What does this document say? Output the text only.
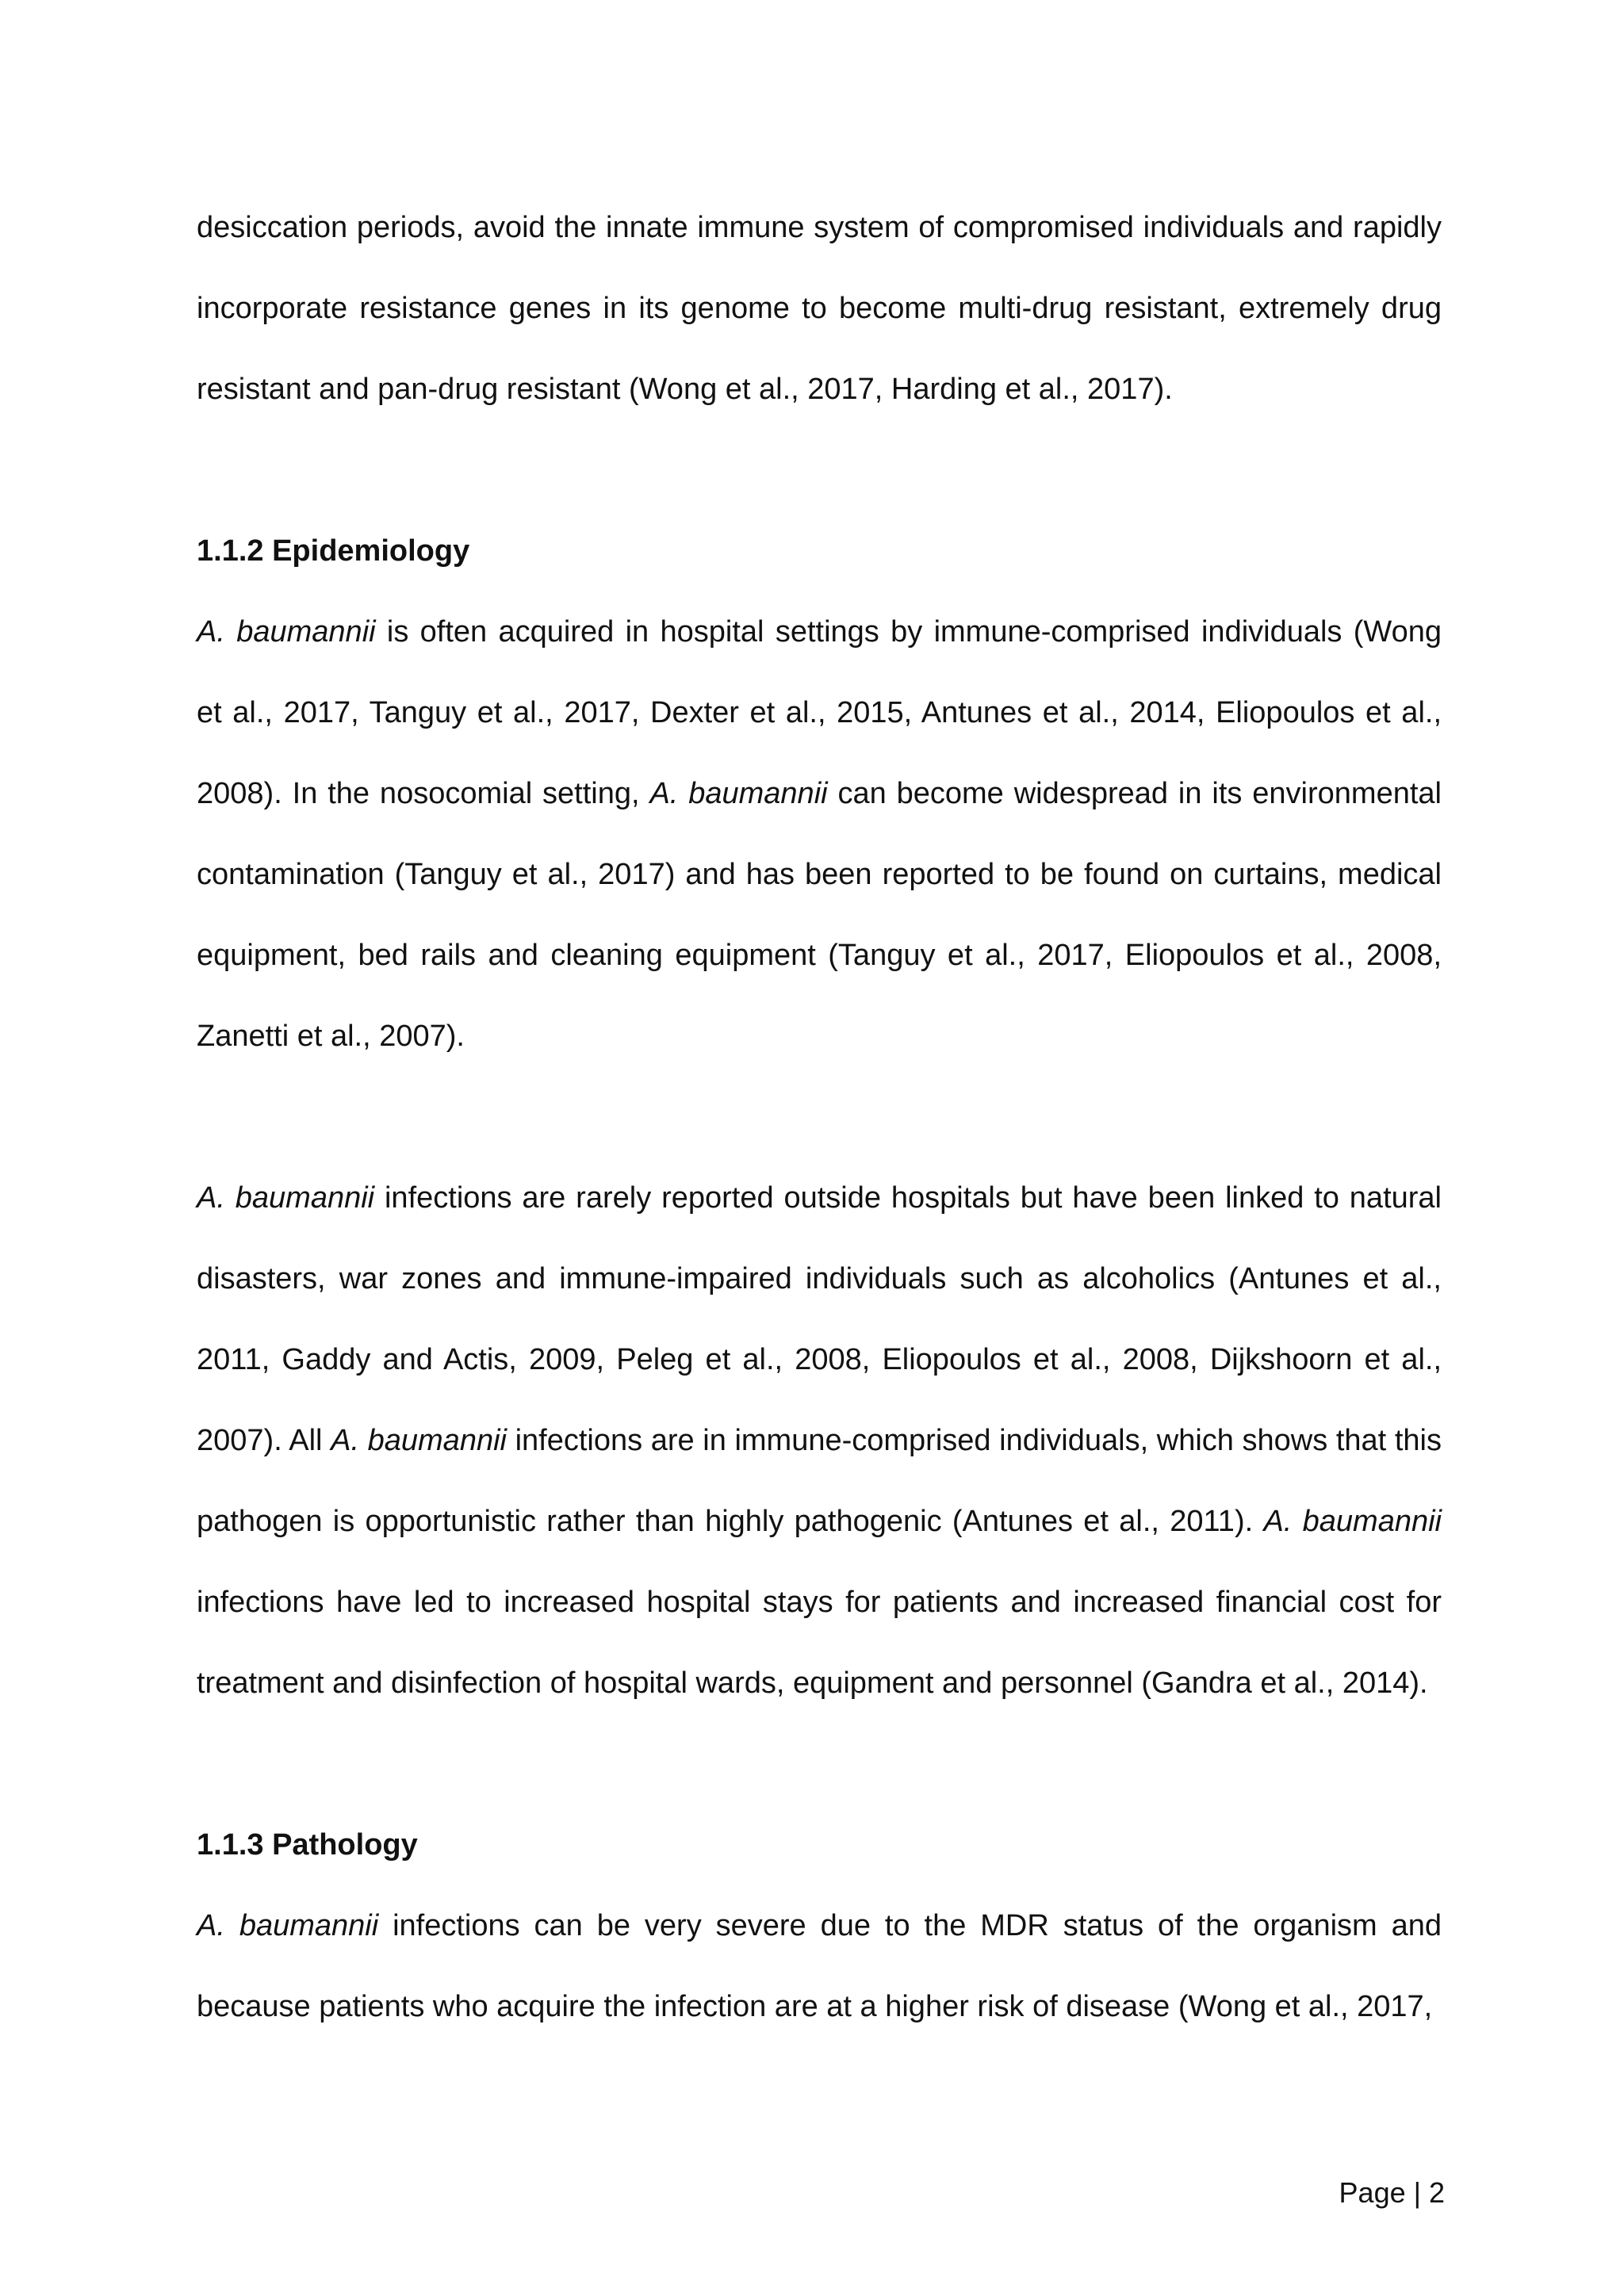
desiccation periods, avoid the innate immune system of compromised individuals and rapidly incorporate resistance genes in its genome to become multi-drug resistant, extremely drug resistant and pan-drug resistant (Wong et al., 2017, Harding et al., 2017).

1.1.2 Epidemiology

A. baumannii is often acquired in hospital settings by immune-comprised individuals (Wong et al., 2017, Tanguy et al., 2017, Dexter et al., 2015, Antunes et al., 2014, Eliopoulos et al., 2008). In the nosocomial setting, A. baumannii can become widespread in its environmental contamination (Tanguy et al., 2017) and has been reported to be found on curtains, medical equipment, bed rails and cleaning equipment (Tanguy et al., 2017, Eliopoulos et al., 2008, Zanetti et al., 2007).

A. baumannii infections are rarely reported outside hospitals but have been linked to natural disasters, war zones and immune-impaired individuals such as alcoholics (Antunes et al., 2011, Gaddy and Actis, 2009, Peleg et al., 2008, Eliopoulos et al., 2008, Dijkshoorn et al., 2007). All A. baumannii infections are in immune-comprised individuals, which shows that this pathogen is opportunistic rather than highly pathogenic (Antunes et al., 2011). A. baumannii infections have led to increased hospital stays for patients and increased financial cost for treatment and disinfection of hospital wards, equipment and personnel (Gandra et al., 2014).

1.1.3 Pathology

A. baumannii infections can be very severe due to the MDR status of the organism and because patients who acquire the infection are at a higher risk of disease (Wong et al., 2017,

Page | 2
